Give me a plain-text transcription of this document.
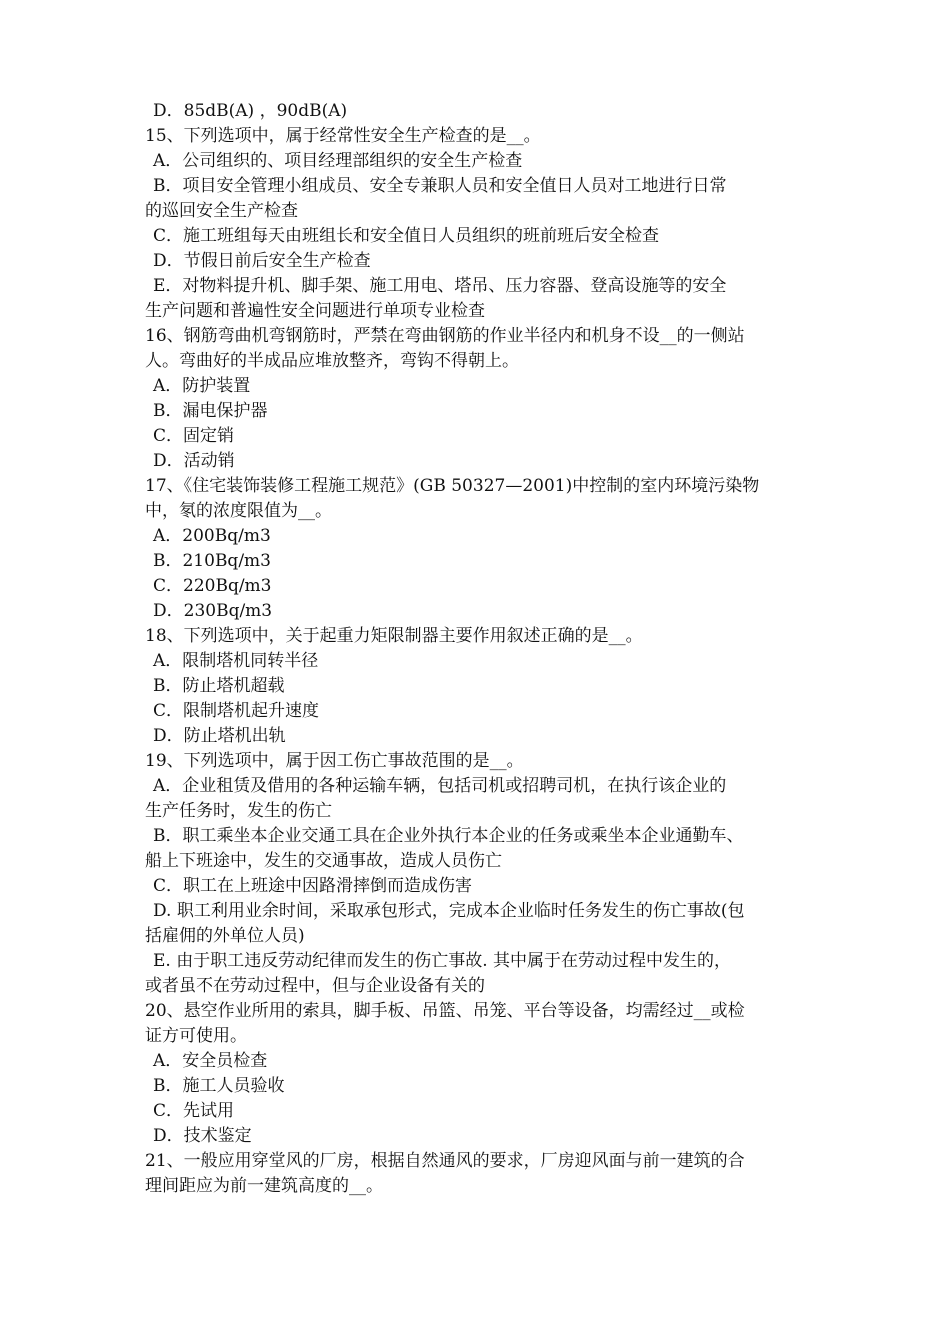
D．85dB(A) ，90dB(A)
15、下列选项中，属于经常性安全生产检查的是__。
A．公司组织的、项目经理部组织的安全生产检查
B．项目安全管理小组成员、安全专兼职人员和安全值日人员对工地进行日常
的巡回安全生产检查
C．施工班组每天由班组长和安全值日人员组织的班前班后安全检查
D．节假日前后安全生产检查
E．对物料提升机、脚手架、施工用电、塔吊、压力容器、登高设施等的安全
生产问题和普遍性安全问题进行单项专业检查
16、钢筋弯曲机弯钢筋时，严禁在弯曲钢筋的作业半径内和机身不设__的一侧站
人。弯曲好的半成品应堆放整齐，弯钩不得朝上。
A．防护装置
B．漏电保护器
C．固定销
D．活动销
17、《住宅装饰装修工程施工规范》(GB 50327—2001)中控制的室内环境污染物
中，氡的浓度限值为__。
A．200Bq/m3
B．210Bq/m3
C．220Bq/m3
D．230Bq/m3
18、下列选项中，关于起重力矩限制器主要作用叙述正确的是__。
A．限制塔机同转半径
B．防止塔机超载
C．限制塔机起升速度
D．防止塔机出轨
19、下列选项中，属于因工伤亡事故范围的是__。
A．企业租赁及借用的各种运输车辆，包括司机或招聘司机，在执行该企业的
生产任务时，发生的伤亡
B．职工乘坐本企业交通工具在企业外执行本企业的任务或乘坐本企业通勤车、
船上下班途中，发生的交通事故，造成人员伤亡
C．职工在上班途中因路滑摔倒而造成伤害
D. 职工利用业余时间，采取承包形式，完成本企业临时任务发生的伤亡事故(包
括雇佣的外单位人员)
E. 由于职工违反劳动纪律而发生的伤亡事故. 其中属于在劳动过程中发生的，
或者虽不在劳动过程中，但与企业设备有关的
20、悬空作业所用的索具，脚手板、吊篮、吊笼、平台等设备，均需经过__或检
证方可使用。
A．安全员检查
B．施工人员验收
C．先试用
D．技术鉴定
21、一般应用穿堂风的厂房，根据自然通风的要求，厂房迎风面与前一建筑的合
理间距应为前一建筑高度的__。
